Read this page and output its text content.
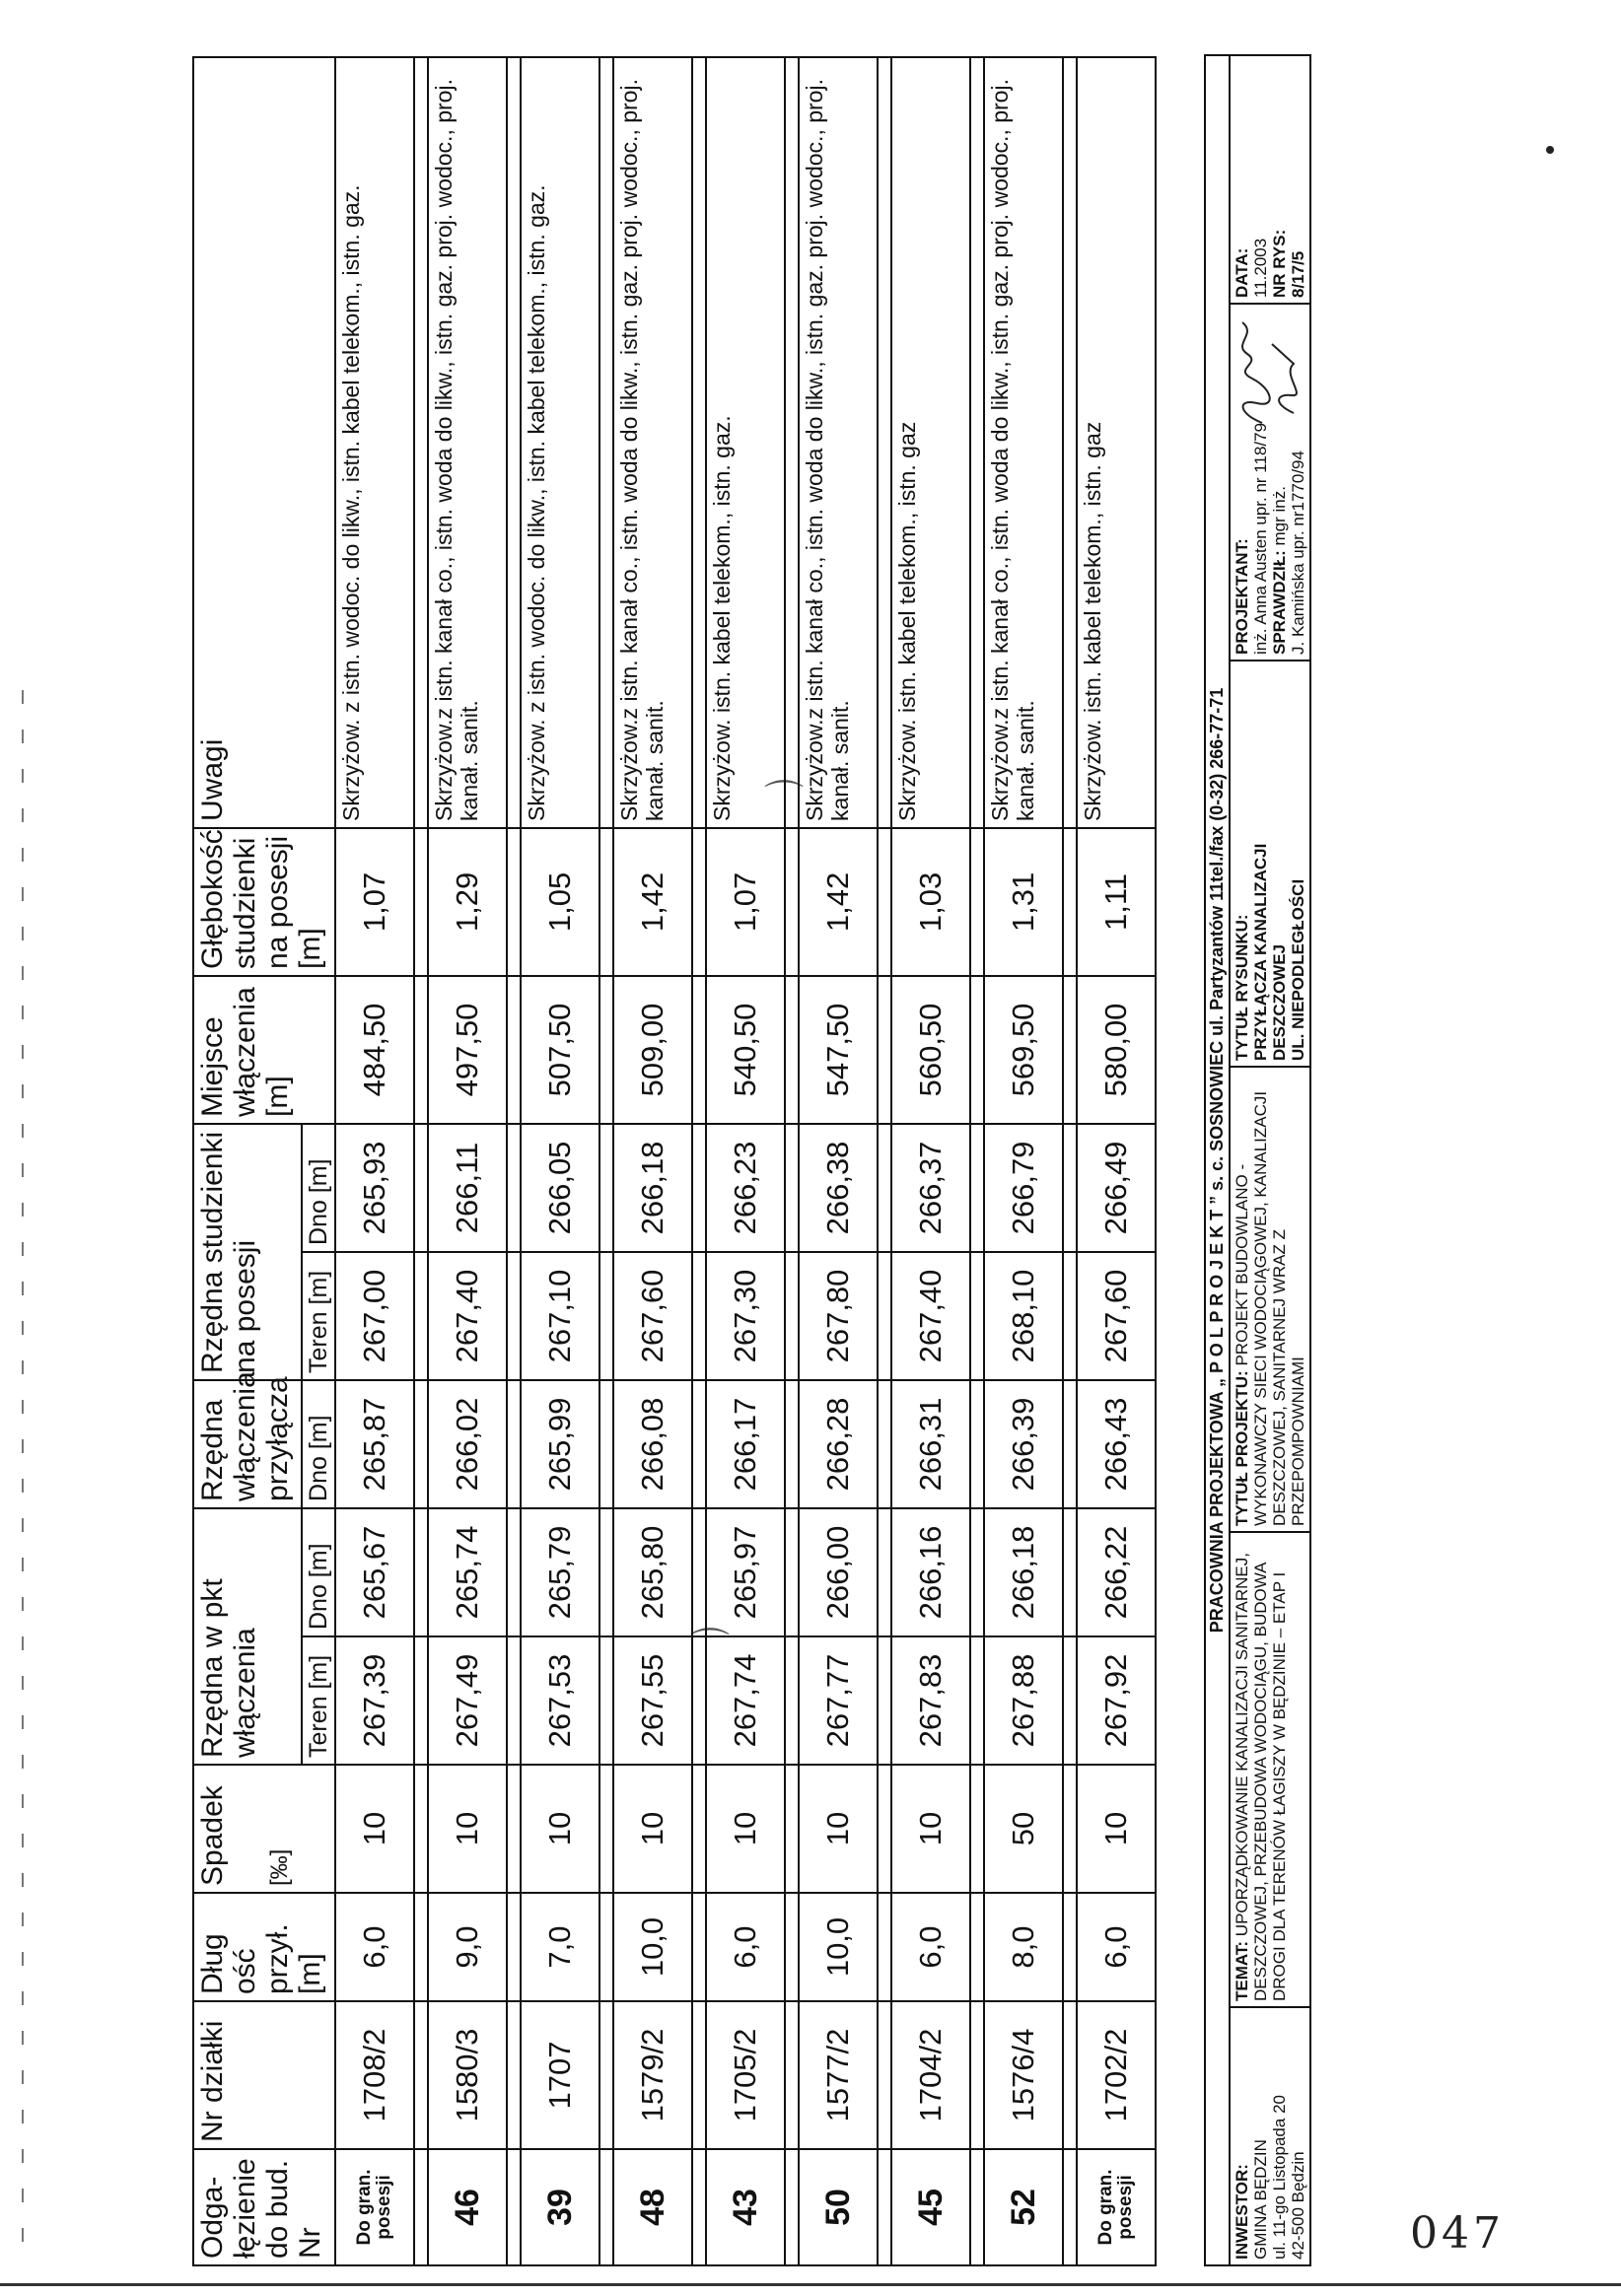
⌒
⌒
Odga-łęzienie do bud. Nr	Nr działki	Dług ość przył. [m]	Spadek [‰]	Rzędna w pkt włączenia		Rzędna włączenia przyłącza	Rzędna studzienki na posesji		Miejsce włączenia
[m]	Głębokość studzienki na posesji [m]	Uwagi
				Teren [m]	Dno [m]	Dno [m]	Teren [m]	Dno [m]			
Do gran. posesji	1708/2	6,0	10	267,39	265,67	265,87	267,00	265,93	484,50	1,07	Skrzyżow. z istn. wodoc. do likw., istn. kabel telekom., istn. gaz.

46	1580/3	9,0	10	267,49	265,74	266,02	267,40	266,11	497,50	1,29	Skrzyżow.z istn. kanał co., istn. woda do likw., istn. gaz. proj. wodoc., proj. kanał. sanit.

39	1707	7,0	10	267,53	265,79	265,99	267,10	266,05	507,50	1,05	Skrzyżow. z istn. wodoc. do likw., istn. kabel telekom., istn. gaz.

48	1579/2	10,0	10	267,55	265,80	266,08	267,60	266,18	509,00	1,42	Skrzyżow.z istn. kanał co., istn. woda do likw., istn. gaz. proj. wodoc., proj. kanał. sanit.

43	1705/2	6,0	10	267,74	265,97	266,17	267,30	266,23	540,50	1,07	Skrzyżow. istn. kabel telekom., istn. gaz.

50	1577/2	10,0	10	267,77	266,00	266,28	267,80	266,38	547,50	1,42	Skrzyżow.z istn. kanał co., istn. woda do likw., istn. gaz. proj. wodoc., proj. kanał. sanit.

45	1704/2	6,0	10	267,83	266,16	266,31	267,40	266,37	560,50	1,03	Skrzyżow. istn. kabel telekom., istn. gaz

52	1576/4	8,0	50	267,88	266,18	266,39	268,10	266,79	569,50	1,31	Skrzyżow.z istn. kanał co., istn. woda do likw., istn. gaz. proj. wodoc., proj. kanał. sanit.

Do gran. posesji	1702/2	6,0	10	267,92	266,22	266,43	267,60	266,49	580,00	1,11	Skrzyżow. istn. kabel telekom., istn. gaz
PRACOWNIA PROJEKTOWA „ P O L P R O J E K T ” s. c. SOSNOWIEC ul. Partyzantów 11tel./fax (0-32) 266-77-71
INWESTOR: GMINA BĘDZIN ul. 11-go Listopada 20 42-500 Będzin
TEMAT: UPORZĄDKOWANIE KANALIZACJI SANITARNEJ, DESZCZOWEJ, PRZEBUDOWA WODOCIĄGU, BUDOWA DROGI DLA TERENÓW ŁAGISZY W BĘDZINIE – ETAP I
TYTUŁ PROJEKTU: PROJEKT BUDOWLANO -WYKONAWCZY SIECI WODOCIĄGOWEJ, KANALIZACJI DESZCZOWEJ, SANITARNEJ WRAZ Z PRZEPOMPOWNIAMI
TYTUŁ RYSUNKU: PRZYŁĄCZA KANALIZACJI DESZCZOWEJ UL. NIEPODLEGŁOŚCI
PROJEKTANT: inż. Anna Austen upr. nr 118/79 SPRAWDZIŁ: mgr inż. J. Kamińska upr. nr1770/94
DATA: 11.2003 NR RYS: 8/17/5
047
